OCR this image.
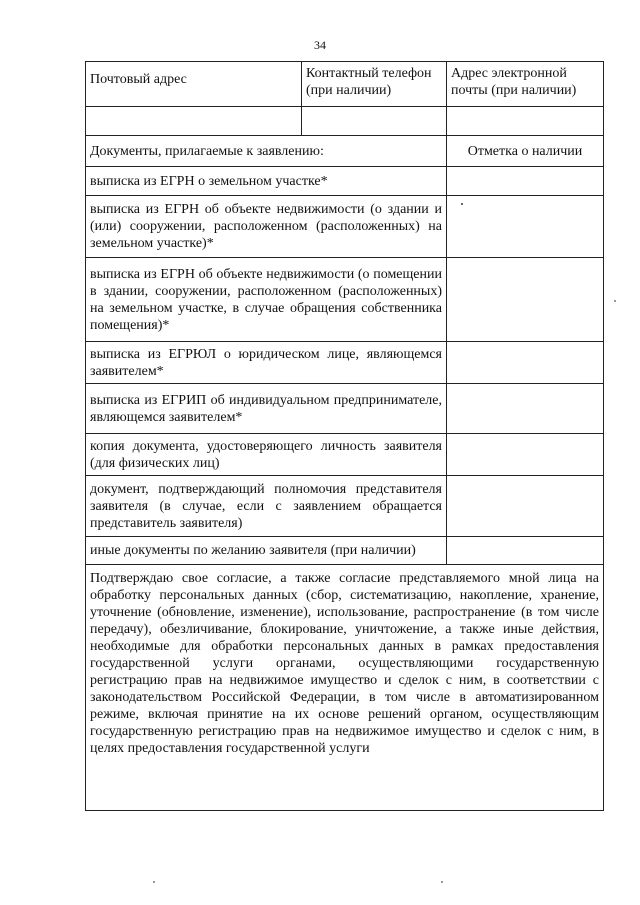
34
Почтовый адрес	Контактный телефон (при наличии)	Адрес электронной почты (при наличии)

Документы, прилагаемые к заявлению:		Отметка о наличии
выписка из ЕГРН о земельном участке*		
выписка из ЕГРН об объекте недвижимости (о здании и (или) сооружении, расположенном (расположенных) на земельном участке)*		

выписка из ЕГРН об объекте недвижимости (о помещении в здании, сооружении, расположенном (расположенных) на земельном участке, в случае обращения собственника помещения)*		
выписка из ЕГРЮЛ о юридическом лице, являющемся заявителем*		
выписка из ЕГРИП об индивидуальном предпринимателе, являющемся заявителем*		
копия документа, удостоверяющего личность заявителя (для физических лиц)		
документ, подтверждающий полномочия представителя заявителя (в случае, если с заявлением обращается представитель заявителя)		
иные документы по желанию заявителя (при наличии)		
Подтверждаю свое согласие, а также согласие представляемого мной лица на обработку персональных данных (сбор, систематизацию, накопление, хранение, уточнение (обновление, изменение), использование, распространение (в том числе передачу), обезличивание, блокирование, уничтожение, а также иные действия, необходимые для обработки персональных данных в рамках предоставления государственной услуги органами, осуществляющими государственную регистрацию прав на недвижимое имущество и сделок с ним, в соответствии с законодательством Российской Федерации, в том числе в автоматизированном режиме, включая принятие на их основе решений органом, осуществляющим государственную регистрацию прав на недвижимое имущество и сделок с ним, в целях предоставления государственной услуги		
